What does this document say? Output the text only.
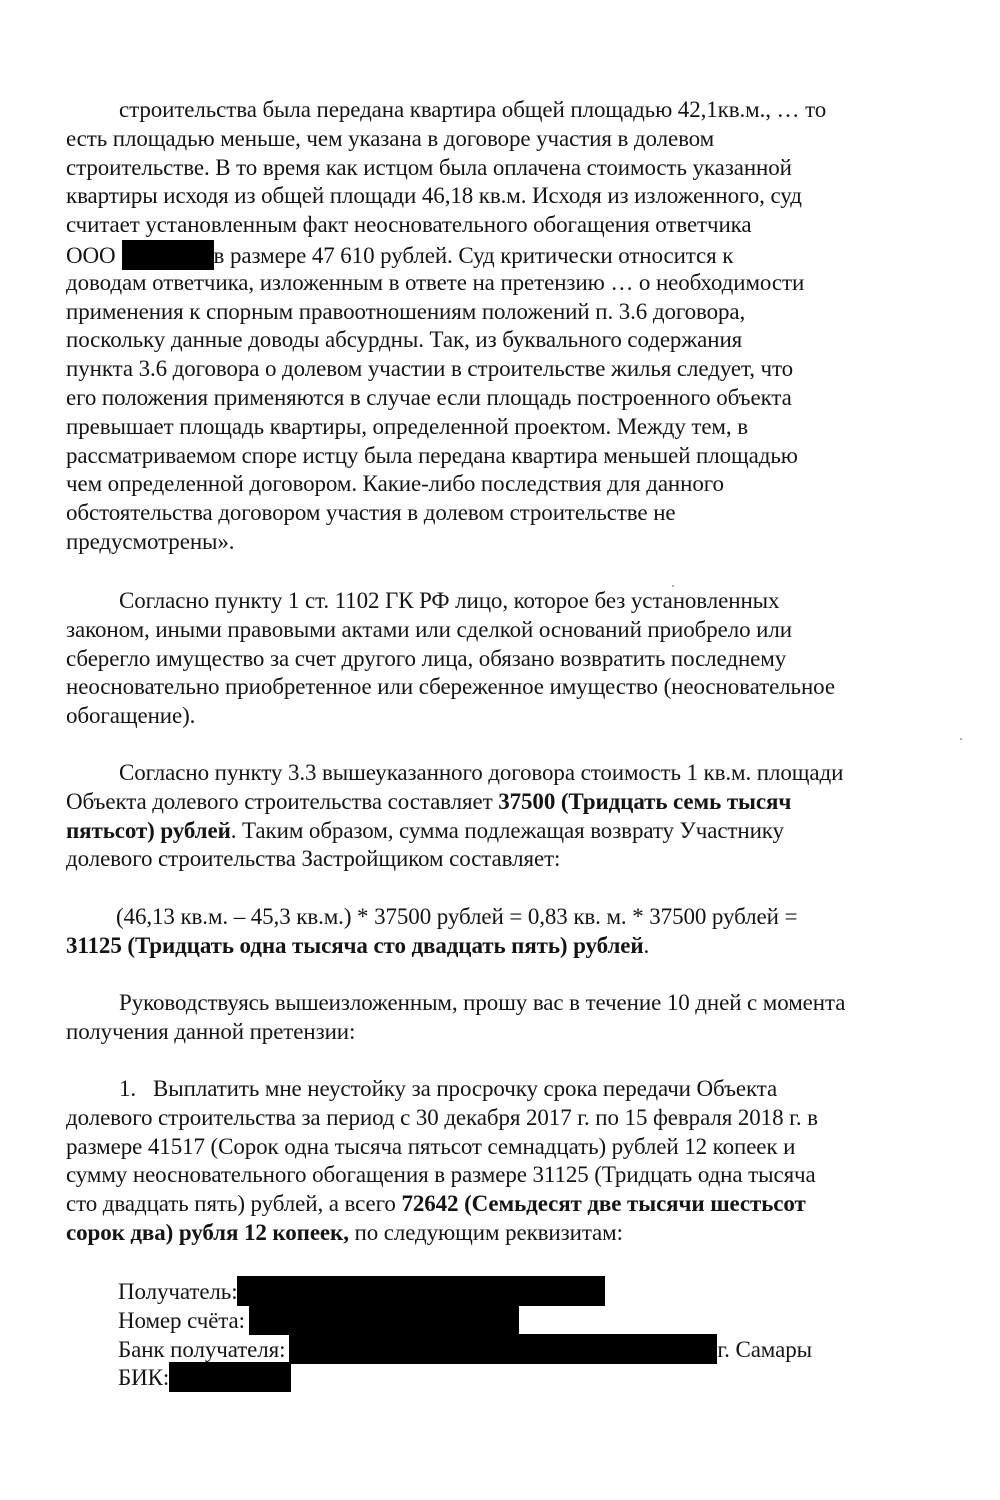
строительства была передана квартира общей площадью 42,1кв.м., … то
есть площадью меньше, чем указана в договоре участия в долевом
строительстве. В то время как истцом была оплачена стоимость указанной
квартиры исходя из общей площади 46,18 кв.м. Исходя из изложенного, суд
считает установленным факт неосновательного обогащения ответчика
ООО	в размере 47 610 рублей. Суд критически относится к
доводам ответчика, изложенным в ответе на претензию … о необходимости
применения к спорным правоотношениям положений п. 3.6 договора,
поскольку данные доводы абсурдны. Так, из буквального содержания
пункта 3.6 договора о долевом участии в строительстве жилья следует, что
его положения применяются в случае если площадь построенного объекта
превышает площадь квартиры, определенной проектом. Между тем, в
рассматриваемом споре истцу была передана квартира меньшей площадью
чем определенной договором. Какие-либо последствия для данного
обстоятельства договором участия в долевом строительстве не
предусмотрены».
Согласно пункту 1 ст. 1102 ГК РФ лицо, которое без установленных
законом, иными правовыми актами или сделкой оснований приобрело или
сберегло имущество за счет другого лица, обязано возвратить последнему
неосновательно приобретенное или сбереженное имущество (неосновательное
обогащение).
Согласно пункту 3.3 вышеуказанного договора стоимость 1 кв.м. площади
Объекта долевого строительства составляет 37500 (Тридцать семь тысяч
пятьсот) рублей. Таким образом, сумма подлежащая возврату Участнику
долевого строительства Застройщиком составляет:
(46,13 кв.м. – 45,3 кв.м.) * 37500 рублей = 0,83 кв. м. * 37500 рублей =
31125 (Тридцать одна тысяча сто двадцать пять) рублей.
Руководствуясь вышеизложенным, прошу вас в течение 10 дней с момента
получения данной претензии:
1. Выплатить мне неустойку за просрочку срока передачи Объекта
долевого строительства за период с 30 декабря 2017 г. по 15 февраля 2018 г. в
размере 41517 (Сорок одна тысяча пятьсот семнадцать) рублей 12 копеек и
сумму неосновательного обогащения в размере 31125 (Тридцать одна тысяча
сто двадцать пять) рублей, а всего 72642 (Семьдесят две тысячи шестьсот
сорок два) рубля 12 копеек, по следующим реквизитам:
Получатель:
Номер счёта:
Банк получателя:	г. Самары
БИК:
